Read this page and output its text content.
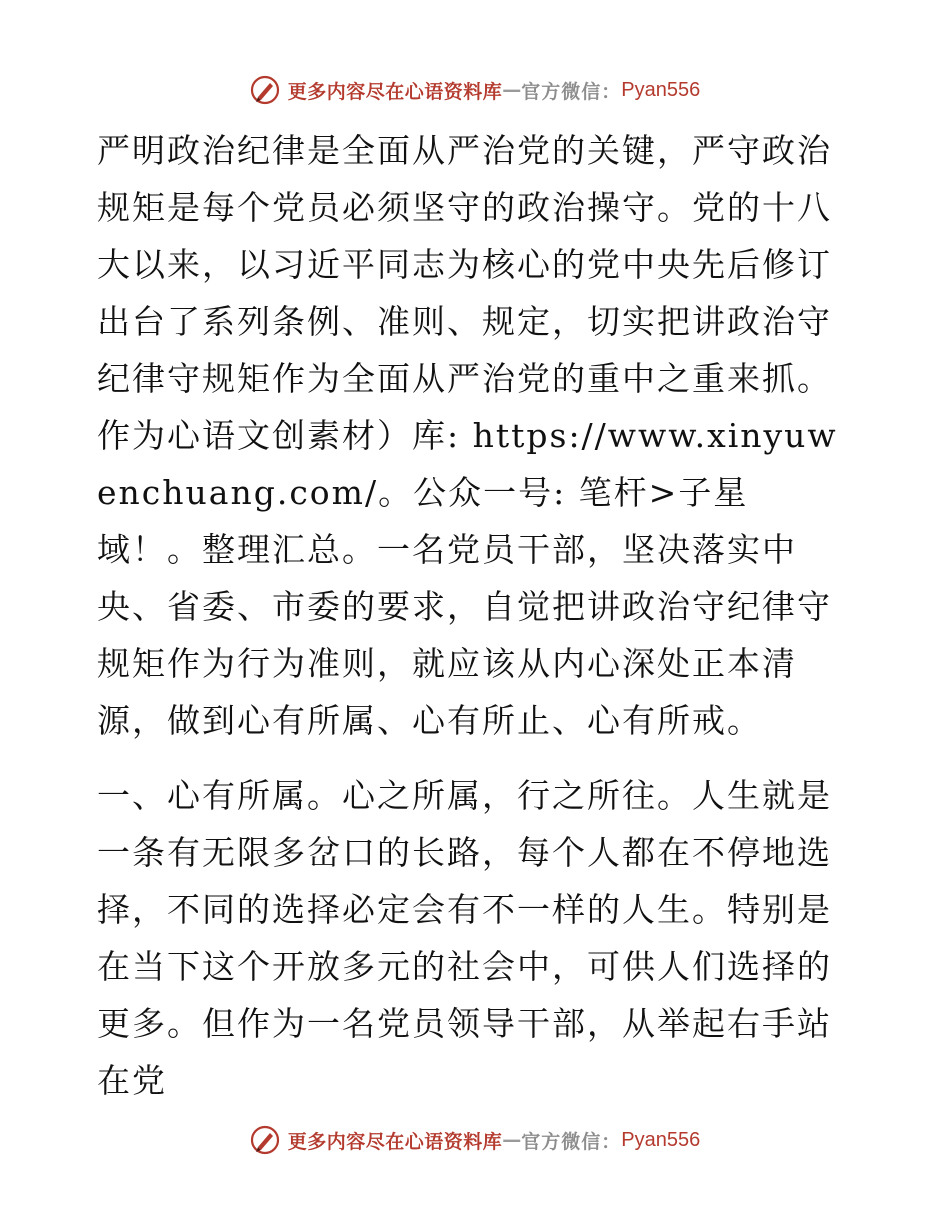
更多内容尽在心语资料库 — 官方微信： Pyan556

严明政治纪律是全面从严治党的关键，严守政治规矩是每个党员必须坚守的政治操守。党的十八大以来，以习近平同志为核心的党中央先后修订出台了系列条例、准则、规定，切实把讲政治守纪律守规矩作为全面从严治党的重中之重来抓。作为心语文创素材）库: https://www.xinyuwenchuang.com/。公众一号: 笔杆>子星域！。整理汇总。一名党员干部，坚决落实中央、省委、市委的要求，自觉把讲政治守纪律守规矩作为行为准则，就应该从内心深处正本清源，做到心有所属、心有所止、心有所戒。

一、心有所属。心之所属，行之所往。人生就是一条有无限多岔口的长路，每个人都在不停地选择，不同的选择必定会有不一样的人生。特别是在当下这个开放多元的社会中，可供人们选择的更多。但作为一名党员领导干部，从举起右手站在党

更多内容尽在心语资料库 — 官方微信： Pyan556
